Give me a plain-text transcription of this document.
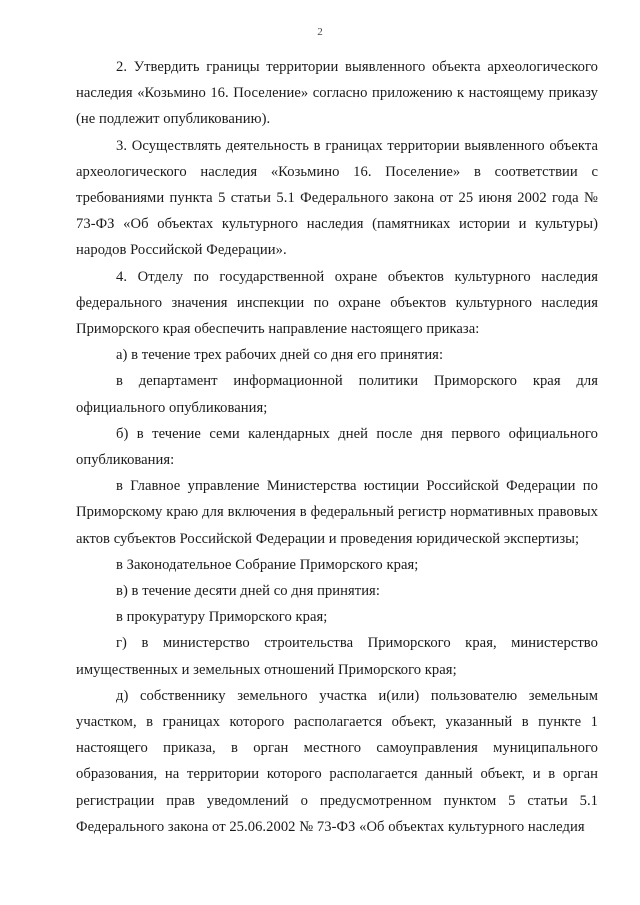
2

2. Утвердить границы территории выявленного объекта археологического наследия «Козьмино 16. Поселение» согласно приложению к настоящему приказу (не подлежит опубликованию).

3. Осуществлять деятельность в границах территории выявленного объекта археологического наследия «Козьмино 16. Поселение» в соответствии с требованиями пункта 5 статьи 5.1 Федерального закона от 25 июня 2002 года № 73-ФЗ «Об объектах культурного наследия (памятниках истории и культуры) народов Российской Федерации».

4. Отделу по государственной охране объектов культурного наследия федерального значения инспекции по охране объектов культурного наследия Приморского края обеспечить направление настоящего приказа:

а) в течение трех рабочих дней со дня его принятия:

в департамент информационной политики Приморского края для официального опубликования;

б) в течение семи календарных дней после дня первого официального опубликования:

в Главное управление Министерства юстиции Российской Федерации по Приморскому краю для включения в федеральный регистр нормативных правовых актов субъектов Российской Федерации и проведения юридической экспертизы;

в Законодательное Собрание Приморского края;

в) в течение десяти дней со дня принятия:

в прокуратуру Приморского края;

г) в министерство строительства Приморского края, министерство имущественных и земельных отношений Приморского края;

д) собственнику земельного участка и(или) пользователю земельным участком, в границах которого располагается объект, указанный в пункте 1 настоящего приказа, в орган местного самоуправления муниципального образования, на территории которого располагается данный объект, и в орган регистрации прав уведомлений о предусмотренном пунктом 5 статьи 5.1 Федерального закона от 25.06.2002 № 73-ФЗ «Об объектах культурного наследия
